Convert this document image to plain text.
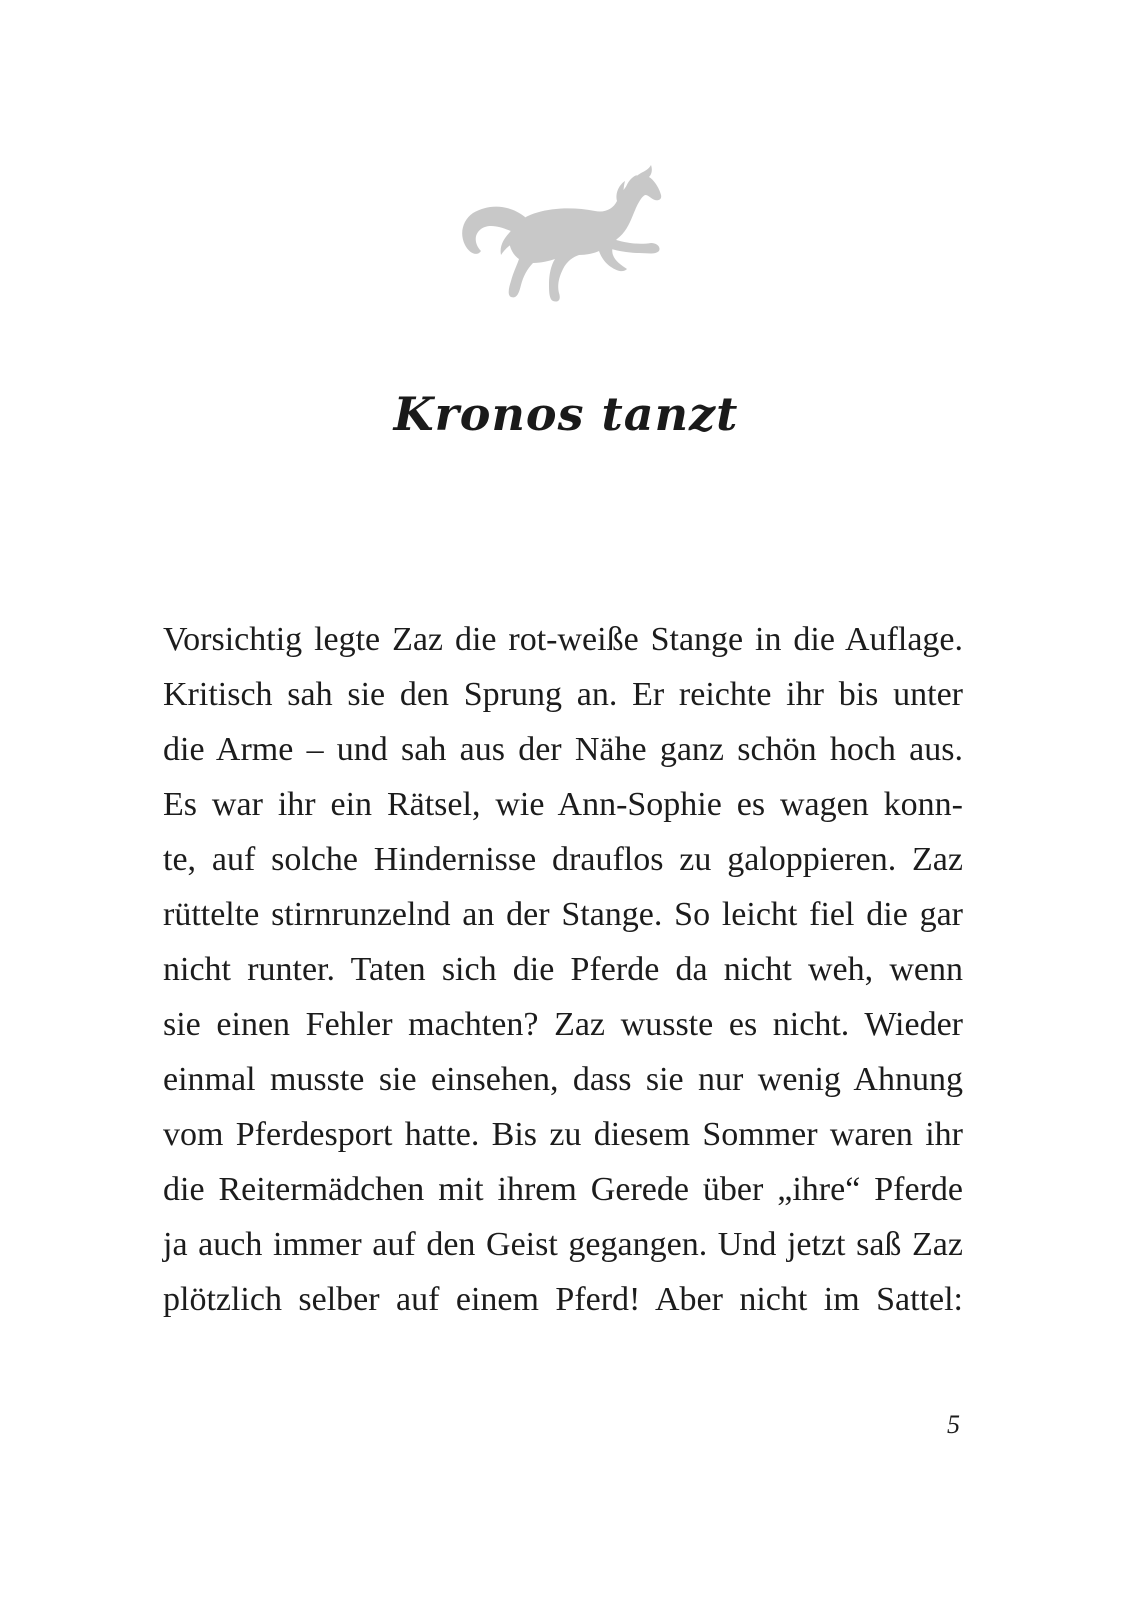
Kronos tanzt
Vorsichtig legte Zaz die rot-weiße Stange in die Auflage.
Kritisch sah sie den Sprung an. Er reichte ihr bis unter
die Arme – und sah aus der Nähe ganz schön hoch aus.
Es war ihr ein Rätsel, wie Ann-Sophie es wagen konn-
te, auf solche Hindernisse drauflos zu galoppieren. Zaz
rüttelte stirnrunzelnd an der Stange. So leicht fiel die gar
nicht runter. Taten sich die Pferde da nicht weh, wenn
sie einen Fehler machten? Zaz wusste es nicht. Wieder
einmal musste sie einsehen, dass sie nur wenig Ahnung
vom Pferdesport hatte. Bis zu diesem Sommer waren ihr
die Reitermädchen mit ihrem Gerede über „ihre“ Pferde
ja auch immer auf den Geist gegangen. Und jetzt saß Zaz
plötzlich selber auf einem Pferd! Aber nicht im Sattel:
5
